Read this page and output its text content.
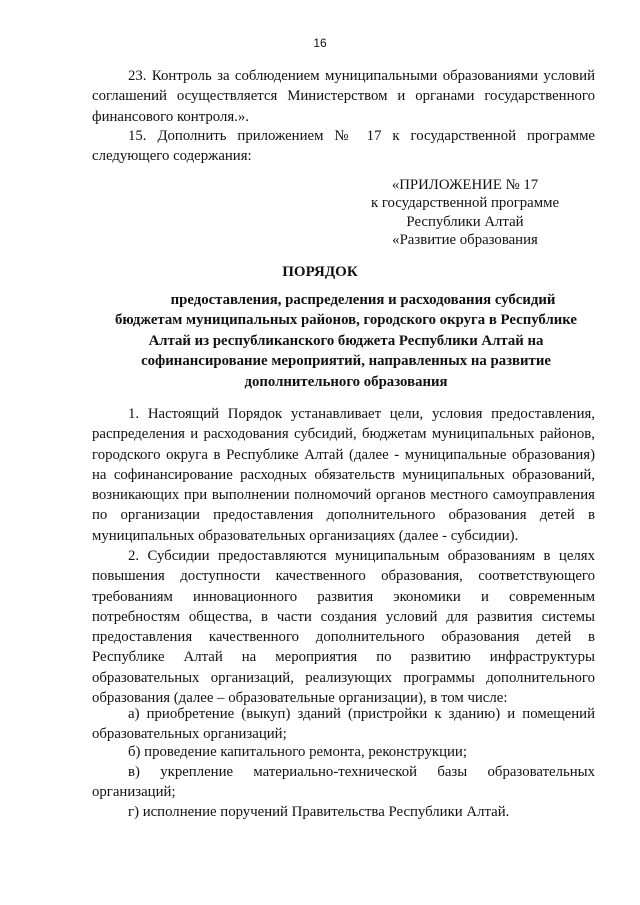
16

23. Контроль за соблюдением муниципальными образованиями условий соглашений осуществляется Министерством и органами государственного финансового контроля.».

15. Дополнить приложением № 17 к государственной программе следующего содержания:

«ПРИЛОЖЕНИЕ № 17
к государственной программе
Республики Алтай
«Развитие образования
ПОРЯДОК
предоставления, распределения и расходования субсидий
бюджетам муниципальных районов, городского округа в Республике
Алтай из республиканского бюджета Республики Алтай на
софинансирование мероприятий, направленных на развитие
дополнительного образования

1. Настоящий Порядок устанавливает цели, условия предоставления, распределения и расходования субсидий, бюджетам муниципальных районов, городского округа в Республике Алтай (далее - муниципальные образования) на софинансирование расходных обязательств муниципальных образований, возникающих при выполнении полномочий органов местного самоуправления по организации предоставления дополнительного образования детей в муниципальных образовательных организациях (далее - субсидии).

2. Субсидии предоставляются муниципальным образованиям в целях повышения доступности качественного образования, соответствующего требованиям инновационного развития экономики и современным потребностям общества, в части создания условий для развития системы предоставления качественного дополнительного образования детей в Республике Алтай на мероприятия по развитию инфраструктуры образовательных организаций, реализующих программы дополнительного образования (далее – образовательные организации), в том числе:

а) приобретение (выкуп) зданий (пристройки к зданию) и помещений образовательных организаций;

б) проведение капитального ремонта, реконструкции;

в) укрепление материально-технической базы образовательных организаций;

г) исполнение поручений Правительства Республики Алтай.
